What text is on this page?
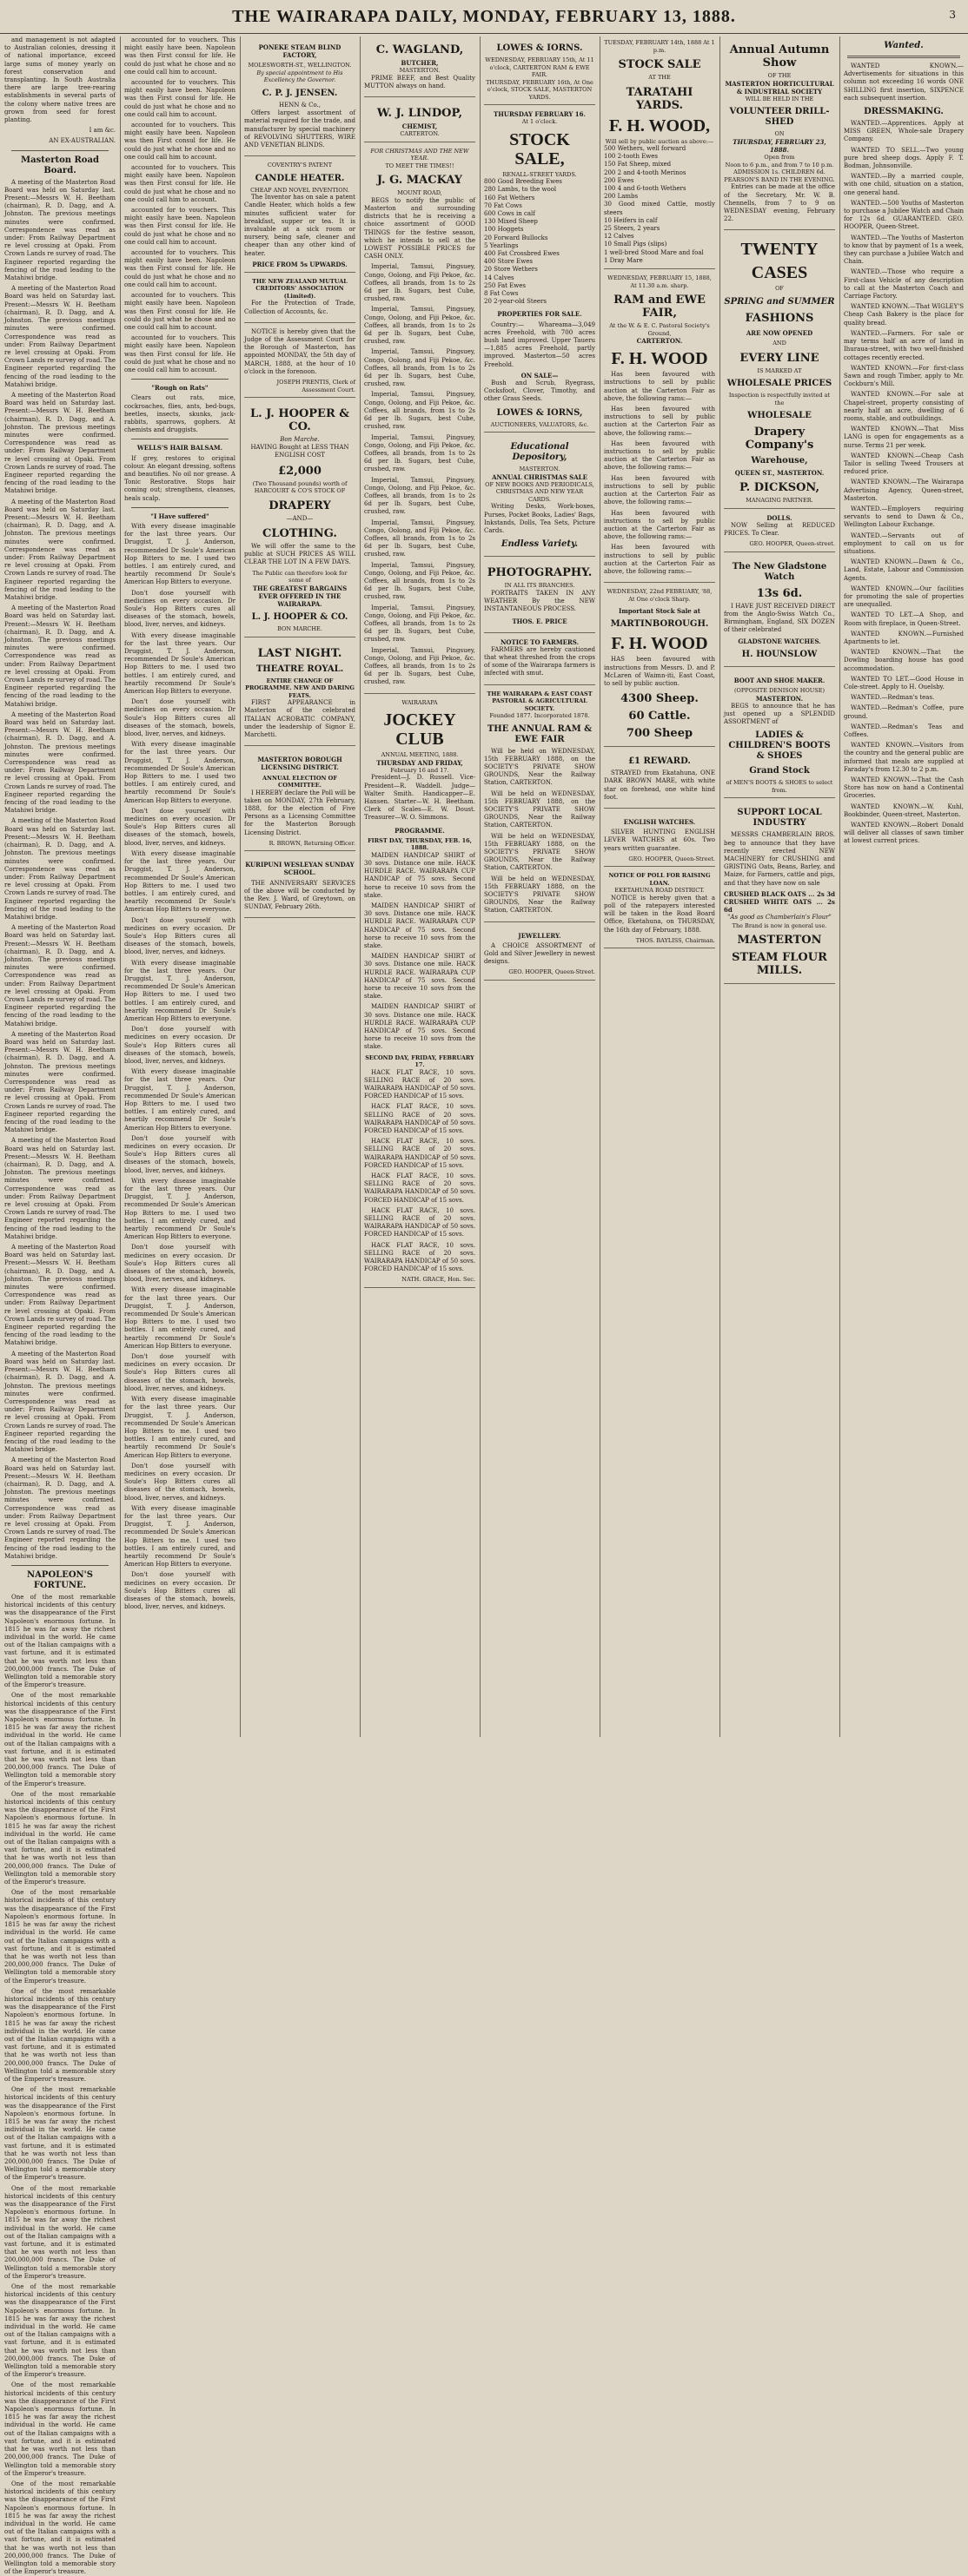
THE WAIRARAPA DAILY, MONDAY, FEBRUARY 13, 1888.	3

and management is not adapted to Australian colonies, dressing it of national importance, exceed large sums of money yearly on forest conservation and transplanting. In South Australia there are large tree-rearing establishments in several parts of the colony where native trees are grown from seed for forest planting.

I am &c.

AN EX-AUSTRALIAN.

Masterton Road Board.

A meeting of the Masterton Road Board was held on Saturday last. Present:—Messrs W. H. Beetham (chairman), R. D. Dagg, and A. Johnston. The previous meetings minutes were confirmed. Correspondence was read as under: From Railway Department re level crossing at Opaki. From Crown Lands re survey of road. The Engineer reported regarding the fencing of the road leading to the Matahiwi bridge.

A meeting of the Masterton Road Board was held on Saturday last. Present:—Messrs W. H. Beetham (chairman), R. D. Dagg, and A. Johnston. The previous meetings minutes were confirmed. Correspondence was read as under: From Railway Department re level crossing at Opaki. From Crown Lands re survey of road. The Engineer reported regarding the fencing of the road leading to the Matahiwi bridge.

A meeting of the Masterton Road Board was held on Saturday last. Present:—Messrs W. H. Beetham (chairman), R. D. Dagg, and A. Johnston. The previous meetings minutes were confirmed. Correspondence was read as under: From Railway Department re level crossing at Opaki. From Crown Lands re survey of road. The Engineer reported regarding the fencing of the road leading to the Matahiwi bridge.

A meeting of the Masterton Road Board was held on Saturday last. Present:—Messrs W. H. Beetham (chairman), R. D. Dagg, and A. Johnston. The previous meetings minutes were confirmed. Correspondence was read as under: From Railway Department re level crossing at Opaki. From Crown Lands re survey of road. The Engineer reported regarding the fencing of the road leading to the Matahiwi bridge.

A meeting of the Masterton Road Board was held on Saturday last. Present:—Messrs W. H. Beetham (chairman), R. D. Dagg, and A. Johnston. The previous meetings minutes were confirmed. Correspondence was read as under: From Railway Department re level crossing at Opaki. From Crown Lands re survey of road. The Engineer reported regarding the fencing of the road leading to the Matahiwi bridge.

A meeting of the Masterton Road Board was held on Saturday last. Present:—Messrs W. H. Beetham (chairman), R. D. Dagg, and A. Johnston. The previous meetings minutes were confirmed. Correspondence was read as under: From Railway Department re level crossing at Opaki. From Crown Lands re survey of road. The Engineer reported regarding the fencing of the road leading to the Matahiwi bridge.

A meeting of the Masterton Road Board was held on Saturday last. Present:—Messrs W. H. Beetham (chairman), R. D. Dagg, and A. Johnston. The previous meetings minutes were confirmed. Correspondence was read as under: From Railway Department re level crossing at Opaki. From Crown Lands re survey of road. The Engineer reported regarding the fencing of the road leading to the Matahiwi bridge.

A meeting of the Masterton Road Board was held on Saturday last. Present:—Messrs W. H. Beetham (chairman), R. D. Dagg, and A. Johnston. The previous meetings minutes were confirmed. Correspondence was read as under: From Railway Department re level crossing at Opaki. From Crown Lands re survey of road. The Engineer reported regarding the fencing of the road leading to the Matahiwi bridge.

A meeting of the Masterton Road Board was held on Saturday last. Present:—Messrs W. H. Beetham (chairman), R. D. Dagg, and A. Johnston. The previous meetings minutes were confirmed. Correspondence was read as under: From Railway Department re level crossing at Opaki. From Crown Lands re survey of road. The Engineer reported regarding the fencing of the road leading to the Matahiwi bridge.

A meeting of the Masterton Road Board was held on Saturday last. Present:—Messrs W. H. Beetham (chairman), R. D. Dagg, and A. Johnston. The previous meetings minutes were confirmed. Correspondence was read as under: From Railway Department re level crossing at Opaki. From Crown Lands re survey of road. The Engineer reported regarding the fencing of the road leading to the Matahiwi bridge.

A meeting of the Masterton Road Board was held on Saturday last. Present:—Messrs W. H. Beetham (chairman), R. D. Dagg, and A. Johnston. The previous meetings minutes were confirmed. Correspondence was read as under: From Railway Department re level crossing at Opaki. From Crown Lands re survey of road. The Engineer reported regarding the fencing of the road leading to the Matahiwi bridge.

A meeting of the Masterton Road Board was held on Saturday last. Present:—Messrs W. H. Beetham (chairman), R. D. Dagg, and A. Johnston. The previous meetings minutes were confirmed. Correspondence was read as under: From Railway Department re level crossing at Opaki. From Crown Lands re survey of road. The Engineer reported regarding the fencing of the road leading to the Matahiwi bridge.

A meeting of the Masterton Road Board was held on Saturday last. Present:—Messrs W. H. Beetham (chairman), R. D. Dagg, and A. Johnston. The previous meetings minutes were confirmed. Correspondence was read as under: From Railway Department re level crossing at Opaki. From Crown Lands re survey of road. The Engineer reported regarding the fencing of the road leading to the Matahiwi bridge.

NAPOLEON'S FORTUNE.

One of the most remarkable historical incidents of this century was the disappearance of the First Napoleon's enormous fortune. In 1815 he was far away the richest individual in the world. He came out of the Italian campaigns with a vast fortune, and it is estimated that he was worth not less than 200,000,000 francs. The Duke of Wellington told a memorable story of the Emperor's treasure.

One of the most remarkable historical incidents of this century was the disappearance of the First Napoleon's enormous fortune. In 1815 he was far away the richest individual in the world. He came out of the Italian campaigns with a vast fortune, and it is estimated that he was worth not less than 200,000,000 francs. The Duke of Wellington told a memorable story of the Emperor's treasure.

One of the most remarkable historical incidents of this century was the disappearance of the First Napoleon's enormous fortune. In 1815 he was far away the richest individual in the world. He came out of the Italian campaigns with a vast fortune, and it is estimated that he was worth not less than 200,000,000 francs. The Duke of Wellington told a memorable story of the Emperor's treasure.

One of the most remarkable historical incidents of this century was the disappearance of the First Napoleon's enormous fortune. In 1815 he was far away the richest individual in the world. He came out of the Italian campaigns with a vast fortune, and it is estimated that he was worth not less than 200,000,000 francs. The Duke of Wellington told a memorable story of the Emperor's treasure.

One of the most remarkable historical incidents of this century was the disappearance of the First Napoleon's enormous fortune. In 1815 he was far away the richest individual in the world. He came out of the Italian campaigns with a vast fortune, and it is estimated that he was worth not less than 200,000,000 francs. The Duke of Wellington told a memorable story of the Emperor's treasure.

One of the most remarkable historical incidents of this century was the disappearance of the First Napoleon's enormous fortune. In 1815 he was far away the richest individual in the world. He came out of the Italian campaigns with a vast fortune, and it is estimated that he was worth not less than 200,000,000 francs. The Duke of Wellington told a memorable story of the Emperor's treasure.

One of the most remarkable historical incidents of this century was the disappearance of the First Napoleon's enormous fortune. In 1815 he was far away the richest individual in the world. He came out of the Italian campaigns with a vast fortune, and it is estimated that he was worth not less than 200,000,000 francs. The Duke of Wellington told a memorable story of the Emperor's treasure.

One of the most remarkable historical incidents of this century was the disappearance of the First Napoleon's enormous fortune. In 1815 he was far away the richest individual in the world. He came out of the Italian campaigns with a vast fortune, and it is estimated that he was worth not less than 200,000,000 francs. The Duke of Wellington told a memorable story of the Emperor's treasure.

One of the most remarkable historical incidents of this century was the disappearance of the First Napoleon's enormous fortune. In 1815 he was far away the richest individual in the world. He came out of the Italian campaigns with a vast fortune, and it is estimated that he was worth not less than 200,000,000 francs. The Duke of Wellington told a memorable story of the Emperor's treasure.

One of the most remarkable historical incidents of this century was the disappearance of the First Napoleon's enormous fortune. In 1815 he was far away the richest individual in the world. He came out of the Italian campaigns with a vast fortune, and it is estimated that he was worth not less than 200,000,000 francs. The Duke of Wellington told a memorable story of the Emperor's treasure.

accounted for to vouchers. This might easily have been. Napoleon was then First consul for life. He could do just what he chose and no one could call him to account.

accounted for to vouchers. This might easily have been. Napoleon was then First consul for life. He could do just what he chose and no one could call him to account.

accounted for to vouchers. This might easily have been. Napoleon was then First consul for life. He could do just what he chose and no one could call him to account.

accounted for to vouchers. This might easily have been. Napoleon was then First consul for life. He could do just what he chose and no one could call him to account.

accounted for to vouchers. This might easily have been. Napoleon was then First consul for life. He could do just what he chose and no one could call him to account.

accounted for to vouchers. This might easily have been. Napoleon was then First consul for life. He could do just what he chose and no one could call him to account.

accounted for to vouchers. This might easily have been. Napoleon was then First consul for life. He could do just what he chose and no one could call him to account.

accounted for to vouchers. This might easily have been. Napoleon was then First consul for life. He could do just what he chose and no one could call him to account.

"Rough on Rats"

Clears out rats, mice, cockroaches, flies, ants, bed-bugs, beetles, insects, skunks, jack-rabbits, sparrows, gophers. At chemists and druggists.

WELLS'S HAIR BALSAM.

If grey, restores to original colour. An elegant dressing, softens and beautifies. No oil nor grease. A Tonic Restorative. Stops hair coming out; strengthens, cleanses, heals scalp.

"I Have suffered"

With every disease imaginable for the last three years. Our Druggist, T. J. Anderson, recommended Dr Soule's American Hop Bitters to me. I used two bottles. I am entirely cured, and heartily recommend Dr Soule's American Hop Bitters to everyone.

Don't dose yourself with medicines on every occasion. Dr Soule's Hop Bitters cures all diseases of the stomach, bowels, blood, liver, nerves, and kidneys.

With every disease imaginable for the last three years. Our Druggist, T. J. Anderson, recommended Dr Soule's American Hop Bitters to me. I used two bottles. I am entirely cured, and heartily recommend Dr Soule's American Hop Bitters to everyone.

Don't dose yourself with medicines on every occasion. Dr Soule's Hop Bitters cures all diseases of the stomach, bowels, blood, liver, nerves, and kidneys.

With every disease imaginable for the last three years. Our Druggist, T. J. Anderson, recommended Dr Soule's American Hop Bitters to me. I used two bottles. I am entirely cured, and heartily recommend Dr Soule's American Hop Bitters to everyone.

Don't dose yourself with medicines on every occasion. Dr Soule's Hop Bitters cures all diseases of the stomach, bowels, blood, liver, nerves, and kidneys.

With every disease imaginable for the last three years. Our Druggist, T. J. Anderson, recommended Dr Soule's American Hop Bitters to me. I used two bottles. I am entirely cured, and heartily recommend Dr Soule's American Hop Bitters to everyone.

Don't dose yourself with medicines on every occasion. Dr Soule's Hop Bitters cures all diseases of the stomach, bowels, blood, liver, nerves, and kidneys.

With every disease imaginable for the last three years. Our Druggist, T. J. Anderson, recommended Dr Soule's American Hop Bitters to me. I used two bottles. I am entirely cured, and heartily recommend Dr Soule's American Hop Bitters to everyone.

Don't dose yourself with medicines on every occasion. Dr Soule's Hop Bitters cures all diseases of the stomach, bowels, blood, liver, nerves, and kidneys.

With every disease imaginable for the last three years. Our Druggist, T. J. Anderson, recommended Dr Soule's American Hop Bitters to me. I used two bottles. I am entirely cured, and heartily recommend Dr Soule's American Hop Bitters to everyone.

Don't dose yourself with medicines on every occasion. Dr Soule's Hop Bitters cures all diseases of the stomach, bowels, blood, liver, nerves, and kidneys.

With every disease imaginable for the last three years. Our Druggist, T. J. Anderson, recommended Dr Soule's American Hop Bitters to me. I used two bottles. I am entirely cured, and heartily recommend Dr Soule's American Hop Bitters to everyone.

Don't dose yourself with medicines on every occasion. Dr Soule's Hop Bitters cures all diseases of the stomach, bowels, blood, liver, nerves, and kidneys.

With every disease imaginable for the last three years. Our Druggist, T. J. Anderson, recommended Dr Soule's American Hop Bitters to me. I used two bottles. I am entirely cured, and heartily recommend Dr Soule's American Hop Bitters to everyone.

Don't dose yourself with medicines on every occasion. Dr Soule's Hop Bitters cures all diseases of the stomach, bowels, blood, liver, nerves, and kidneys.

With every disease imaginable for the last three years. Our Druggist, T. J. Anderson, recommended Dr Soule's American Hop Bitters to me. I used two bottles. I am entirely cured, and heartily recommend Dr Soule's American Hop Bitters to everyone.

Don't dose yourself with medicines on every occasion. Dr Soule's Hop Bitters cures all diseases of the stomach, bowels, blood, liver, nerves, and kidneys.

With every disease imaginable for the last three years. Our Druggist, T. J. Anderson, recommended Dr Soule's American Hop Bitters to me. I used two bottles. I am entirely cured, and heartily recommend Dr Soule's American Hop Bitters to everyone.

Don't dose yourself with medicines on every occasion. Dr Soule's Hop Bitters cures all diseases of the stomach, bowels, blood, liver, nerves, and kidneys.

PONEKE STEAM BLIND FACTORY,
MOLESWORTH-ST., WELLINGTON.
By special appointment to His Excellency the Governor.
C. P. J. JENSEN.
HENN & Co.,

Offers largest assortment of material required for the trade, and manufacturer by special machinery of REVOLVING SHUTTERS, WIRE AND VENETIAN BLINDS.

COVENTRY'S PATENT
CANDLE HEATER.
CHEAP AND NOVEL INVENTION.

The Inventor has on sale a patent Candle Heater, which holds a few minutes sufficient water for breakfast, supper or tea. It is invaluable at a sick room or nursery, being safe, cleaner and cheaper than any other kind of heater.

PRICE FROM 5s UPWARDS.
THE NEW ZEALAND MUTUAL CREDITORS' ASSOCIATION (Limited).

For the Protection of Trade, Collection of Accounts, &c.

NOTICE is hereby given that the Judge of the Assessment Court for the Borough of Masterton, has appointed MONDAY, the 5th day of MARCH, 1888, at the hour of 10 o'clock in the forenoon.

JOSEPH PRENTIS, Clerk of Assessment Court.
L. J. HOOPER & CO.
Bon Marche.
HAVING Bought at LESS THAN ENGLISH COST
£2,000
(Two Thousand pounds) worth of HARCOURT & CO'S STOCK OF
DRAPERY
—AND—
CLOTHING.

We will offer the same to the public at SUCH PRICES AS WILL CLEAR THE LOT IN A FEW DAYS.

The Public can therefore look for some of
THE GREATEST BARGAINS EVER OFFERED IN THE WAIRARAPA.
L. J. HOOPER & CO.
BON MARCHE.
LAST NIGHT.
THEATRE ROYAL.
ENTIRE CHANGE OF PROGRAMME. NEW AND DARING FEATS.

FIRST APPEARANCE in Masterton of the celebrated ITALIAN ACROBATIC COMPANY, under the leadership of Signor E. Marchetti.

MASTERTON BOROUGH LICENSING DISTRICT.
ANNUAL ELECTION OF COMMITTEE.

I HEREBY declare the Poll will be taken on MONDAY, 27th February, 1888, for the election of Five Persons as a Licensing Committee for the Masterton Borough Licensing District.

R. BROWN, Returning Officer.
KURIPUNI WESLEYAN SUNDAY SCHOOL.

THE ANNIVERSARY SERVICES of the above will be conducted by the Rev. J. Ward, of Greytown, on SUNDAY, February 26th.

C. WAGLAND,
BUTCHER,
MASTERTON.

PRIME BEEF, and Best Quality MUTTON always on hand.

W. J. LINDOP,
CHEMIST,
CARTERTON.
FOR CHRISTMAS AND THE NEW YEAR.
TO MEET THE TIMES!!
J. G. MACKAY
MOUNT ROAD,

BEGS to notify the public of Masterton and surrounding districts that he is receiving a choice assortment of GOOD THINGS for the festive season, which he intends to sell at the LOWEST POSSIBLE PRICES for CASH ONLY.

Imperial, Tamsui, Pingsuey, Congo, Oolong, and Fiji Pekoe, &c. Coffees, all brands, from 1s to 2s 6d per lb. Sugars, best Cube, crushed, raw.

Imperial, Tamsui, Pingsuey, Congo, Oolong, and Fiji Pekoe, &c. Coffees, all brands, from 1s to 2s 6d per lb. Sugars, best Cube, crushed, raw.

Imperial, Tamsui, Pingsuey, Congo, Oolong, and Fiji Pekoe, &c. Coffees, all brands, from 1s to 2s 6d per lb. Sugars, best Cube, crushed, raw.

Imperial, Tamsui, Pingsuey, Congo, Oolong, and Fiji Pekoe, &c. Coffees, all brands, from 1s to 2s 6d per lb. Sugars, best Cube, crushed, raw.

Imperial, Tamsui, Pingsuey, Congo, Oolong, and Fiji Pekoe, &c. Coffees, all brands, from 1s to 2s 6d per lb. Sugars, best Cube, crushed, raw.

Imperial, Tamsui, Pingsuey, Congo, Oolong, and Fiji Pekoe, &c. Coffees, all brands, from 1s to 2s 6d per lb. Sugars, best Cube, crushed, raw.

Imperial, Tamsui, Pingsuey, Congo, Oolong, and Fiji Pekoe, &c. Coffees, all brands, from 1s to 2s 6d per lb. Sugars, best Cube, crushed, raw.

Imperial, Tamsui, Pingsuey, Congo, Oolong, and Fiji Pekoe, &c. Coffees, all brands, from 1s to 2s 6d per lb. Sugars, best Cube, crushed, raw.

Imperial, Tamsui, Pingsuey, Congo, Oolong, and Fiji Pekoe, &c. Coffees, all brands, from 1s to 2s 6d per lb. Sugars, best Cube, crushed, raw.

Imperial, Tamsui, Pingsuey, Congo, Oolong, and Fiji Pekoe, &c. Coffees, all brands, from 1s to 2s 6d per lb. Sugars, best Cube, crushed, raw.

WAIRARAPA
JOCKEY CLUB
ANNUAL MEETING, 1888.
THURSDAY AND FRIDAY,
February 16 and 17.

President—J. D. Russell. Vice-President—R. Waddell. Judge—Walter Smith. Handicapper—E. Hansen. Starter—W. H. Beetham. Clerk of Scales—E. W. Doust. Treasurer—W. O. Simmons.

PROGRAMME.
FIRST DAY, THURSDAY, FEB. 16, 1888.

MAIDEN HANDICAP SHIRT of 30 sovs. Distance one mile. HACK HURDLE RACE. WAIRARAPA CUP HANDICAP of 75 sovs. Second horse to receive 10 sovs from the stake.

MAIDEN HANDICAP SHIRT of 30 sovs. Distance one mile. HACK HURDLE RACE. WAIRARAPA CUP HANDICAP of 75 sovs. Second horse to receive 10 sovs from the stake.

MAIDEN HANDICAP SHIRT of 30 sovs. Distance one mile. HACK HURDLE RACE. WAIRARAPA CUP HANDICAP of 75 sovs. Second horse to receive 10 sovs from the stake.

MAIDEN HANDICAP SHIRT of 30 sovs. Distance one mile. HACK HURDLE RACE. WAIRARAPA CUP HANDICAP of 75 sovs. Second horse to receive 10 sovs from the stake.

SECOND DAY, FRIDAY, FEBRUARY 17.

HACK FLAT RACE, 10 sovs. SELLING RACE of 20 sovs. WAIRARAPA HANDICAP of 50 sovs. FORCED HANDICAP of 15 sovs.

HACK FLAT RACE, 10 sovs. SELLING RACE of 20 sovs. WAIRARAPA HANDICAP of 50 sovs. FORCED HANDICAP of 15 sovs.

HACK FLAT RACE, 10 sovs. SELLING RACE of 20 sovs. WAIRARAPA HANDICAP of 50 sovs. FORCED HANDICAP of 15 sovs.

HACK FLAT RACE, 10 sovs. SELLING RACE of 20 sovs. WAIRARAPA HANDICAP of 50 sovs. FORCED HANDICAP of 15 sovs.

HACK FLAT RACE, 10 sovs. SELLING RACE of 20 sovs. WAIRARAPA HANDICAP of 50 sovs. FORCED HANDICAP of 15 sovs.

HACK FLAT RACE, 10 sovs. SELLING RACE of 20 sovs. WAIRARAPA HANDICAP of 50 sovs. FORCED HANDICAP of 15 sovs.

NATH. GRACE, Hon. Sec.
LOWES & IORNS.
WEDNESDAY, FEBRUARY 15th, At 11 o'clock, CARTERTON RAM & EWE FAIR.
THURSDAY, FEBRUARY 16th, At One o'clock, STOCK SALE, MASTERTON YARDS.
THURSDAY FEBRUARY 16.
At 1 o'clock.
STOCK SALE,
RENALL-STREET YARDS.
800 Good Breeding Ewes
280 Lambs, to the wool
160 Fat Wethers
70 Fat Cows
600 Cows in calf
130 Mixed Sheep
100 Hoggets
20 Forward Bullocks
5 Yearlings
400 Fat Crossbred Ewes
400 Store Ewes
20 Store Wethers
14 Calves
250 Fat Ewes
8 Fat Cows
20 2-year-old Steers
PROPERTIES FOR SALE.

Country:— Whareama—3,049 acres Freehold, with 700 acres bush land improved. Upper Taueru—1,885 acres Freehold, partly improved. Masterton—50 acres Freehold.

ON SALE—

Bush and Scrub, Ryegrass, Cocksfoot, Clover, Timothy, and other Grass Seeds.

LOWES & IORNS,
AUCTIONEERS, VALUATORS, &c.
Educational Depository,
MASTERTON.
ANNUAL CHRISTMAS SALE
OF NEW BOOKS AND PERIODICALS, CHRISTMAS AND NEW YEAR CARDS.

Writing Desks, Work-boxes, Purses, Pocket Books, Ladies' Bags, Inkstands, Dolls, Tea Sets, Picture Cards.

Endless Variety.
PHOTOGRAPHY.
IN ALL ITS BRANCHES.

PORTRAITS TAKEN IN ANY WEATHER By the NEW INSTANTANEOUS PROCESS.

THOS. E. PRICE
NOTICE TO FARMERS.

FARMERS are hereby cautioned that wheat threshed from the crops of some of the Wairarapa farmers is infected with smut.

THE WAIRARAPA & EAST COAST PASTORAL & AGRICULTURAL SOCIETY.
Founded 1877. Incorporated 1878.
THE ANNUAL RAM & EWE FAIR

Will be held on WEDNESDAY, 15th FEBRUARY 1888, on the SOCIETY'S PRIVATE SHOW GROUNDS, Near the Railway Station, CARTERTON.

Will be held on WEDNESDAY, 15th FEBRUARY 1888, on the SOCIETY'S PRIVATE SHOW GROUNDS, Near the Railway Station, CARTERTON.

Will be held on WEDNESDAY, 15th FEBRUARY 1888, on the SOCIETY'S PRIVATE SHOW GROUNDS, Near the Railway Station, CARTERTON.

Will be held on WEDNESDAY, 15th FEBRUARY 1888, on the SOCIETY'S PRIVATE SHOW GROUNDS, Near the Railway Station, CARTERTON.

JEWELLERY.

A CHOICE ASSORTMENT of Gold and Silver Jewellery in newest designs.

GEO. HOOPER, Queen-Street.
TUESDAY, FEBRUARY 14th, 1888 At 1 p.m.
STOCK SALE
AT THE
TARATAHI YARDS.
F. H. WOOD,
Will sell by public auction as above:—
500 Wethers, well forward
100 2-tooth Ewes
150 Fat Sheep, mixed
200 2 and 4-tooth Merinos
200 Ewes
100 4 and 6-tooth Wethers
200 Lambs
30 Good mixed Cattle, mostly steers
10 Heifers in calf
25 Steers, 2 years
12 Calves
10 Small Pigs (slips)
1 well-bred Stood Mare and foal
1 Dray Mare
WEDNESDAY, FEBRUARY 15, 1888, At 11.30 a.m. sharp.
RAM and EWE FAIR,
At the W. & E. C. Pastoral Society's Ground,
CARTERTON.
F. H. WOOD

Has been favoured with instructions to sell by public auction at the Carterton Fair as above, the following rams:—

Has been favoured with instructions to sell by public auction at the Carterton Fair as above, the following rams:—

Has been favoured with instructions to sell by public auction at the Carterton Fair as above, the following rams:—

Has been favoured with instructions to sell by public auction at the Carterton Fair as above, the following rams:—

Has been favoured with instructions to sell by public auction at the Carterton Fair as above, the following rams:—

Has been favoured with instructions to sell by public auction at the Carterton Fair as above, the following rams:—

WEDNESDAY, 22nd FEBRUARY, '88, At One o'clock Sharp.
Important Stock Sale at
MARTINBOROUGH.
F. H. WOOD

HAS been favoured with instructions from Messrs. D. and P. McLaren of Waimn-iti, East Coast, to sell by public auction.

4300 Sheep.
60 Cattle.
700 Sheep
£1 REWARD.

STRAYED from Ekatahuna, ONE DARK BROWN MARE, with white star on forehead, one white hind foot.

ENGLISH WATCHES.

SILVER HUNTING ENGLISH LEVER WATCHES at 60s. Two years written guarantee.

GEO. HOOPER, Queen-Street.
NOTICE OF POLL FOR RAISING LOAN.
EKETAHUNA ROAD DISTRICT.

NOTICE is hereby given that a poll of the ratepayers interested will be taken in the Road Board Office, Eketahuna, on THURSDAY, the 16th day of February, 1888.

THOS. BAYLISS, Chairman.
Annual Autumn Show
OF THE
MASTERTON HORTICULTURAL & INDUSTRIAL SOCIETY
WILL BE HELD IN THE
VOLUNTEER DRILL-SHED
ON
THURSDAY, FEBRUARY 23, 1888.
Open from
Noon to 6 p.m., and from 7 to 10 p.m.
ADMISSION 1s. CHILDREN 6d.
PEARSON'S BAND IN THE EVENING.

Entries can be made at the office of the Secretary, Mr. W. B. Chennells, from 7 to 9 on WEDNESDAY evening, February 22.

TWENTY
CASES
OF
SPRING and SUMMER
FASHIONS
ARE NOW OPENED
AND
EVERY LINE
IS MARKED AT
WHOLESALE PRICES
Inspection is respectfully invited at the
WHOLESALE
Drapery Company's
Warehouse,
QUEEN ST., MASTERTON.
P. DICKSON,
MANAGING PARTNER.
DOLLS.

NOW Selling at REDUCED PRICES. To Clear.

GEO. HOOPER, Queen-street.
The New Gladstone Watch
13s 6d.

I HAVE JUST RECEIVED DIRECT from the Anglo-Swiss Watch Co., Birmingham, England, SIX DOZEN of their celebrated

GLADSTONE WATCHES.
H. HOUNSLOW
BOOT AND SHOE MAKER.
(OPPOSITE DENISON HOUSE)
MASTERTON.

BEGS to announce that he has just opened up a SPLENDID ASSORTMENT of

LADIES & CHILDREN'S BOOTS & SHOES
Grand Stock
of MEN'S BOOTS & SHOES to select from.
SUPPORT LOCAL INDUSTRY

MESSRS CHAMBERLAIN BROS. beg to announce that they have recently erected NEW MACHINERY for CRUSHING and GRISTING Oats, Beans, Barley, and Maize, for Farmers, cattle and pigs, and that they have now on sale

CRUSHED BLACK OATS ... 2s 3d
CRUSHED WHITE OATS ... 2s 6d
"As good as Chamberlain's Flour"
The Brand is now in general use.
MASTERTON
STEAM FLOUR MILLS.
Wanted.

WANTED KNOWN.—Advertisements for situations in this column not exceeding 16 words ONE SHILLING first insertion, SIXPENCE each subsequent insertion.

DRESSMAKING.

WANTED.—Apprentices. Apply at MISS GREEN, Whole-sale Drapery Company.

WANTED TO SELL.—Two young pure bred sheep dogs. Apply F. T. Bodman, Johnsonville.

WANTED.—By a married couple, with one child, situation on a station, one general hand.

WANTED.—500 Youths of Masterton to purchase a Jubilee Watch and Chain for 12s 6d. GUARANTEED. GEO. HOOPER, Queen-Street.

WANTED.—The Youths of Masterton to know that by payment of 1s a week, they can purchase a Jubilee Watch and Chain.

WANTED.—Those who require a First-class Vehicle of any description to call at the Masterton Coach and Carriage Factory.

WANTED KNOWN.—That WIGLEY'S Cheap Cash Bakery is the place for quality bread.

WANTED.—Farmers. For sale or may terms half an acre of land in Ihuraua-street, with two well-finished cottages recently erected.

WANTED KNOWN.—For first-class Sawn and rough Timber, apply to Mr. Cockburn's Mill.

WANTED KNOWN.—For sale at Chapel-street, property consisting of nearly half an acre, dwelling of 6 rooms, stable, and outbuildings.

WANTED KNOWN.—That Miss LANG is open for engagements as a nurse. Terms 21 per week.

WANTED KNOWN.—Cheap Cash Tailor is selling Tweed Trousers at reduced price.

WANTED KNOWN.—The Wairarapa Advertising Agency, Queen-street, Masterton.

WANTED.—Employers requiring servants to send to Dawn & Co., Wellington Labour Exchange.

WANTED.—Servants out of employment to call on us for situations.

WANTED KNOWN.—Dawn & Co., Land, Estate, Labour and Commission Agents.

WANTED KNOWN.—Our facilities for promoting the sale of properties are unequalled.

WANTED TO LET.—A Shop, and Room with fireplace, in Queen-Street.

WANTED KNOWN.—Furnished Apartments to let.

WANTED KNOWN.—That the Dowling boarding house has good accommodation.

WANTED TO LET.—Good House in Cole-street. Apply to H. Ouelsby.

WANTED.—Redman's teas.

WANTED.—Redman's Coffee, pure ground.

WANTED.—Redman's Teas and Coffees.

WANTED KNOWN.—Visitors from the country and the general public are informed that meals are supplied at Faraday's from 12.30 to 2 p.m.

WANTED KNOWN.—That the Cash Store has now on hand a Continental Groceries.

WANTED KNOWN.—W. Kuhl, Bookbinder, Queen-street, Masterton.

WANTED KNOWN.—Robert Donald will deliver all classes of sawn timber at lowest current prices.
